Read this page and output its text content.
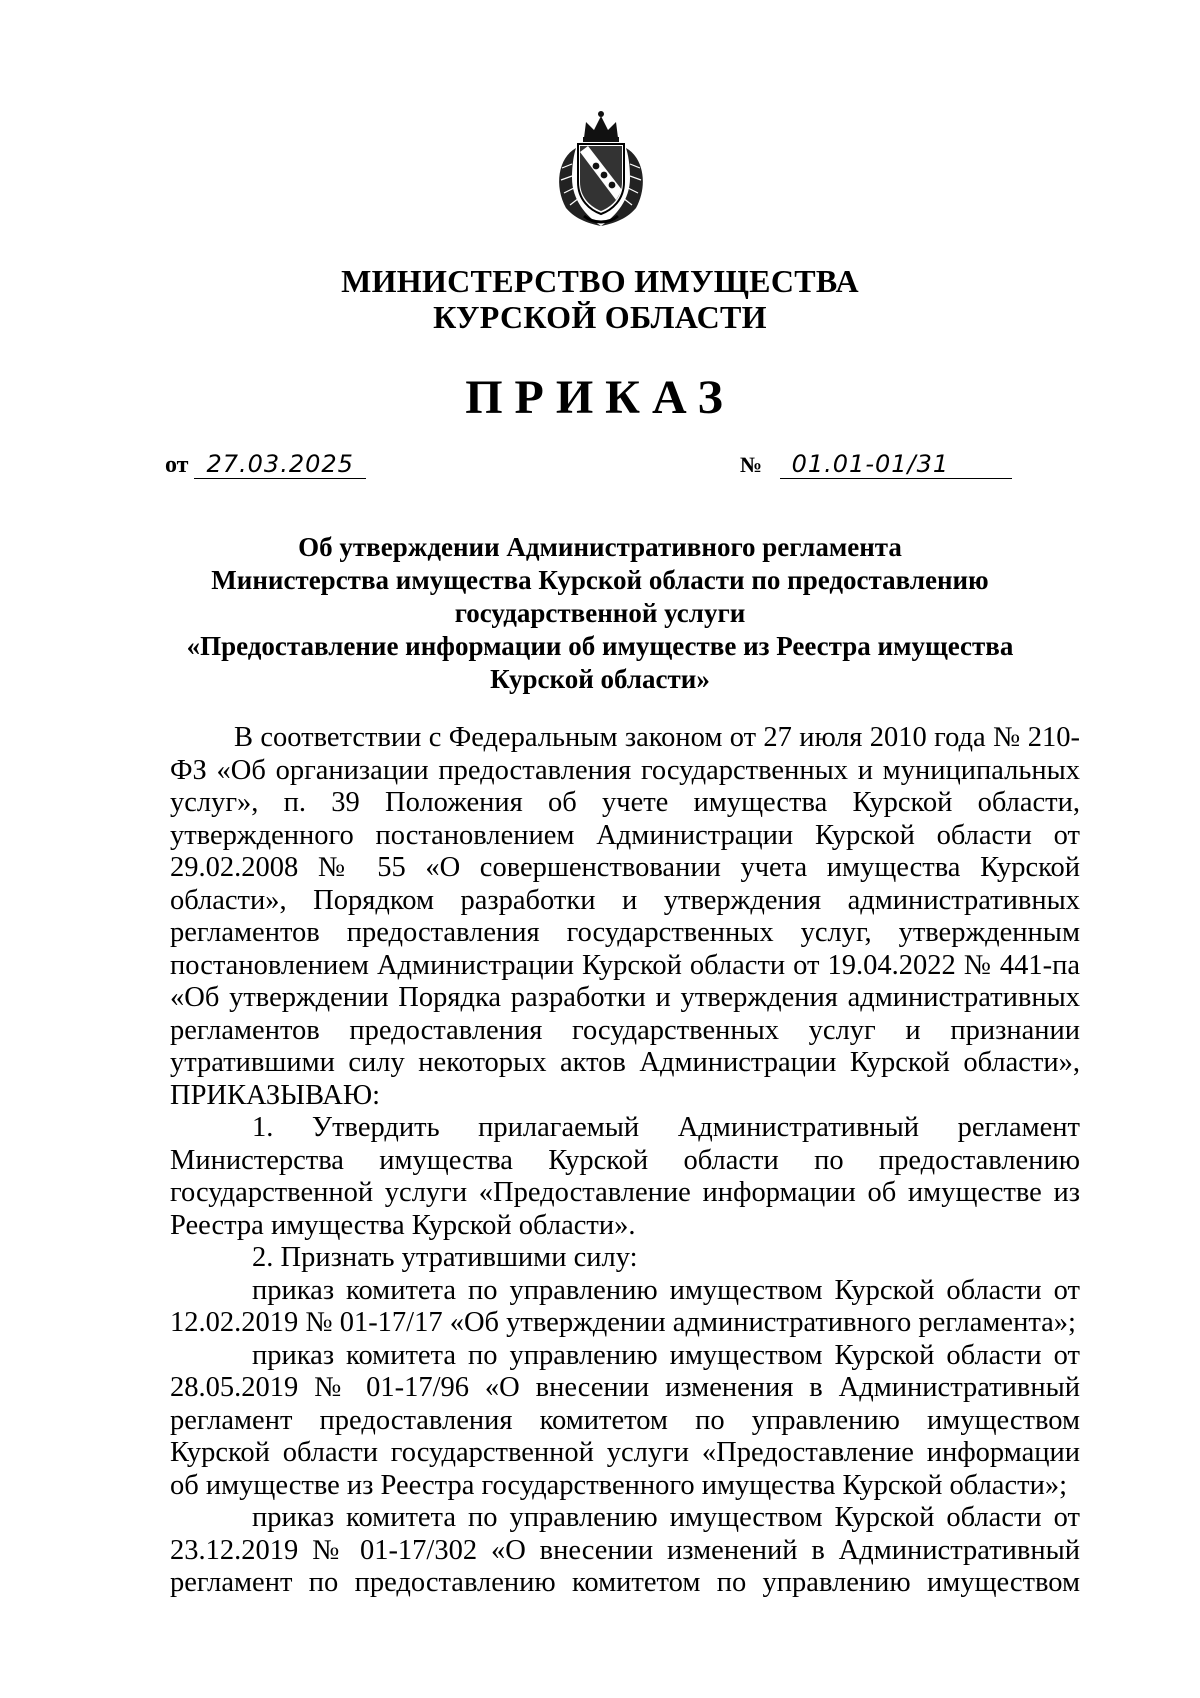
МИНИСТЕРСТВО ИМУЩЕСТВА
КУРСКОЙ ОБЛАСТИ
ПРИКАЗ
от 27.03.2025	№ 01.01-01/31
Об утверждении Административного регламента
Министерства имущества Курской области по предоставлению
государственной услуги
«Предоставление информации об имуществе из Реестра имущества
Курской области»

В соответствии с Федеральным законом от 27 июля 2010 года № 210-

ФЗ «Об организации предоставления государственных и муниципальных

услуг», п. 39 Положения об учете имущества Курской области,

утвержденного постановлением Администрации Курской области от

29.02.2008 № 55 «О совершенствовании учета имущества Курской

области», Порядком разработки и утверждения административных

регламентов предоставления государственных услуг, утвержденным

постановлением Администрации Курской области от 19.04.2022 № 441-па

«Об утверждении Порядка разработки и утверждения административных

регламентов предоставления государственных услуг и признании

утратившими силу некоторых актов Администрации Курской области»,

ПРИКАЗЫВАЮ:

1. Утвердить прилагаемый Административный регламент

Министерства имущества Курской области по предоставлению

государственной услуги «Предоставление информации об имуществе из

Реестра имущества Курской области».

2. Признать утратившими силу:

приказ комитета по управлению имуществом Курской области от

12.02.2019 № 01-17/17 «Об утверждении административного регламента»;

приказ комитета по управлению имуществом Курской области от

28.05.2019 № 01-17/96 «О внесении изменения в Административный

регламент предоставления комитетом по управлению имуществом

Курской области государственной услуги «Предоставление информации

об имуществе из Реестра государственного имущества Курской области»;

приказ комитета по управлению имуществом Курской области от

23.12.2019 № 01-17/302 «О внесении изменений в Административный

регламент по предоставлению комитетом по управлению имуществом
